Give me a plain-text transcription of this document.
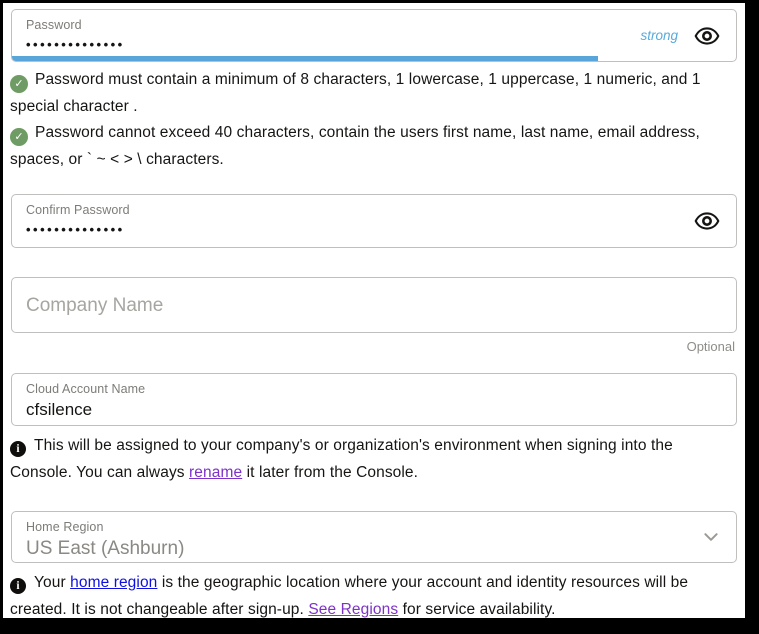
Password
••••••••••••••
strong

✓ Password must contain a minimum of 8 characters, 1 lowercase, 1 uppercase, 1 numeric, and 1 special character .

✓ Password cannot exceed 40 characters, contain the users first name, last name, email address, spaces, or ` ~ < > \ characters.

Confirm Password
••••••••••••••
Company Name
Optional
Cloud Account Name
cfsilence

i This will be assigned to your company's or organization's environment when signing into the Console. You can always rename it later from the Console.

Home Region
US East (Ashburn)

i Your home region is the geographic location where your account and identity resources will be created. It is not changeable after sign-up. See Regions for service availability.
